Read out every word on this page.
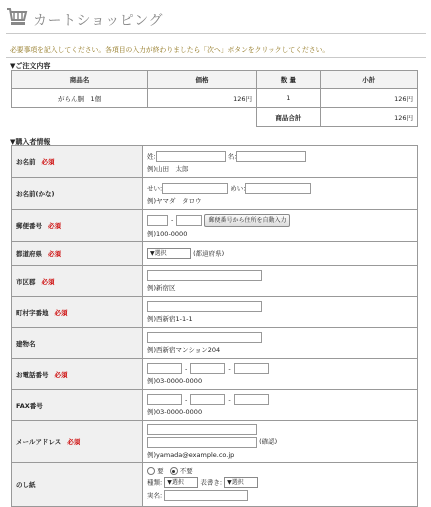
カートショッピング
必要事項を記入してください。各項目の入力が終わりましたら「次へ」ボタンをクリックしてください。
▼ご注文内容
商品名	価格	数 量	小計
がらん胴　1個	126円	1	126円
		商品合計	126円
▼購入者情報
お名前 必須	姓: 名:
例)山田　太郎

お名前(かな)	せい: めい:
例)ヤマダ　タロウ

郵便番号 必須	- 郵便番号から住所を自動入力
例)100-0000

都道府県 必須	▼選択 (都道府県)
市区郡 必須	例)新宿区

町村字番地 必須	例)西新宿1-1-1

建物名	例)西新宿マンション204

お電話番号 必須	- -
例)03-0000-0000

FAX番号	- -
例)03-0000-0000

メールアドレス 必須	(確認)
例)yamada@example.co.jp

のし紙	要 不要
種類: ▼選択 表書き: ▼選択
実名:
